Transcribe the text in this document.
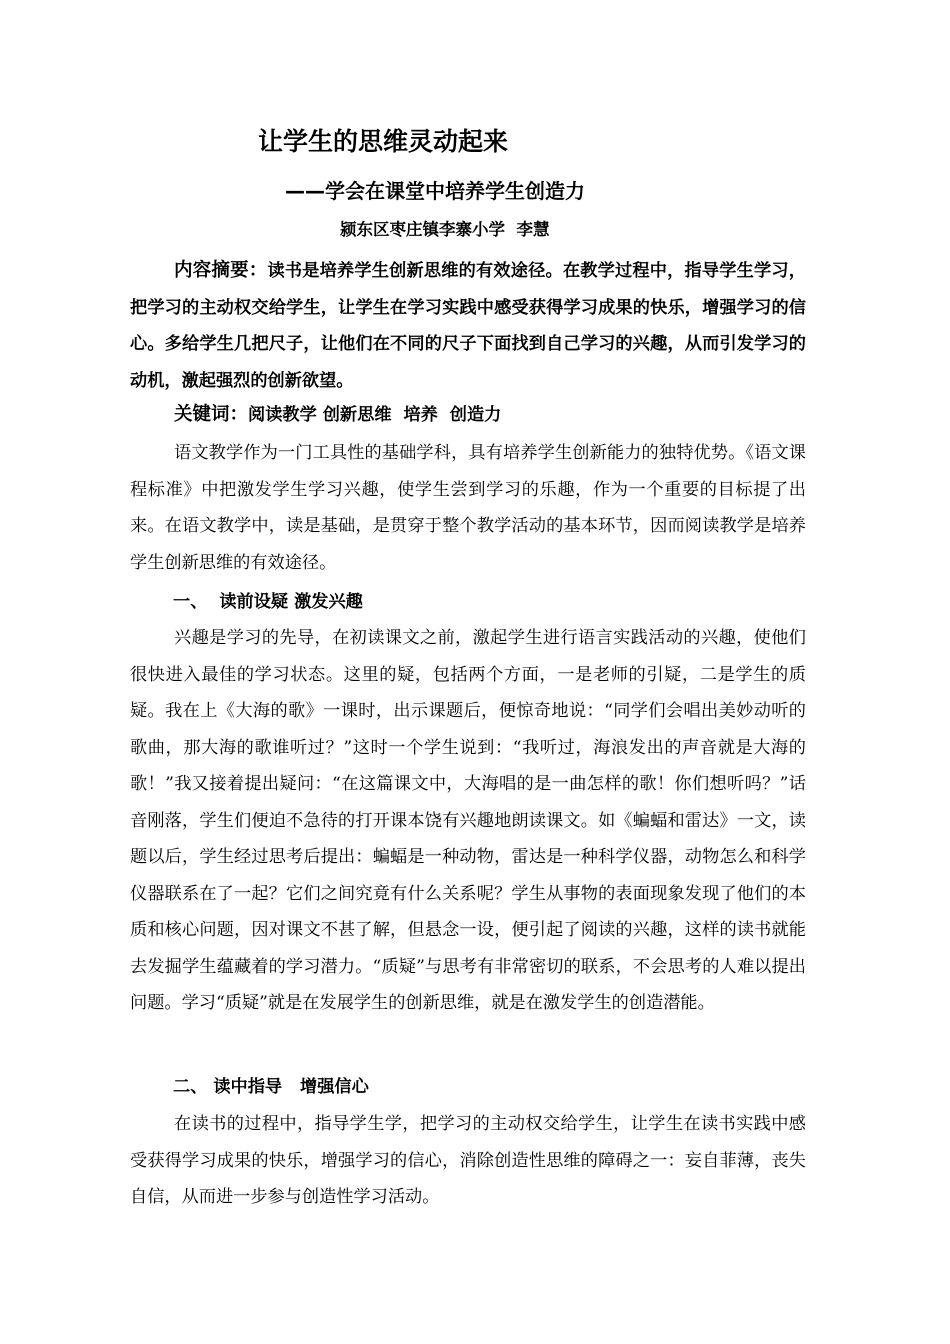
让学生的思维灵动起来
——学会在课堂中培养学生创造力
颍东区枣庄镇李寨小学  李慧

内容摘要：读书是培养学生创新思维的有效途径。在教学过程中，指导学生学习，把学习的主动权交给学生，让学生在学习实践中感受获得学习成果的快乐，增强学习的信心。多给学生几把尺子，让他们在不同的尺子下面找到自己学习的兴趣，从而引发学习的动机，激起强烈的创新欲望。

关键词：阅读教学 创新思维  培养  创造力

语文教学作为一门工具性的基础学科，具有培养学生创新能力的独特优势。《语文课程标准》中把激发学生学习兴趣，使学生尝到学习的乐趣，作为一个重要的目标提了出来。在语文教学中，读是基础，是贯穿于整个教学活动的基本环节，因而阅读教学是培养学生创新思维的有效途径。

一、  读前设疑 激发兴趣

兴趣是学习的先导，在初读课文之前，激起学生进行语言实践活动的兴趣，使他们很快进入最佳的学习状态。这里的疑，包括两个方面，一是老师的引疑，二是学生的质疑。我在上《大海的歌》一课时，出示课题后，便惊奇地说：“同学们会唱出美妙动听的歌曲，那大海的歌谁听过？”这时一个学生说到：“我听过，海浪发出的声音就是大海的歌！”我又接着提出疑问：“在这篇课文中，大海唱的是一曲怎样的歌！你们想听吗？”话音刚落，学生们便迫不急待的打开课本饶有兴趣地朗读课文。如《蝙蝠和雷达》一文，读题以后，学生经过思考后提出：蝙蝠是一种动物，雷达是一种科学仪器，动物怎么和科学仪器联系在了一起？它们之间究竟有什么关系呢？学生从事物的表面现象发现了他们的本质和核心问题，因对课文不甚了解，但悬念一设，便引起了阅读的兴趣，这样的读书就能去发掘学生蕴藏着的学习潜力。“质疑”与思考有非常密切的联系，不会思考的人难以提出问题。学习“质疑”就是在发展学生的创新思维，就是在激发学生的创造潜能。

二、 读中指导   增强信心

在读书的过程中，指导学生学，把学习的主动权交给学生，让学生在读书实践中感受获得学习成果的快乐，增强学习的信心，消除创造性思维的障碍之一：妄自菲薄，丧失自信，从而进一步参与创造性学习活动。
